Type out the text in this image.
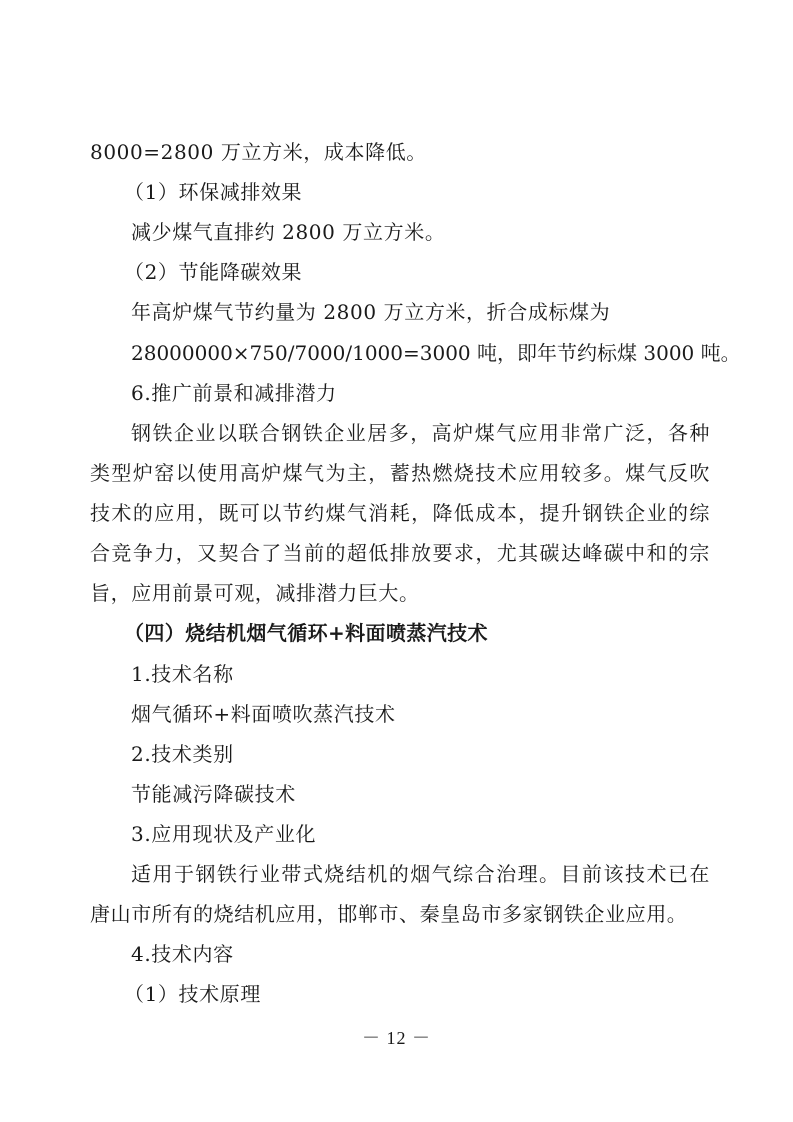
8000=2800 万立方米，成本降低。
（1）环保减排效果
减少煤气直排约 2800 万立方米。
（2）节能降碳效果
年高炉煤气节约量为 2800 万立方米，折合成标煤为
28000000×750/7000/1000=3000 吨，即年节约标煤 3000 吨。
6.推广前景和减排潜力
钢铁企业以联合钢铁企业居多，高炉煤气应用非常广泛，各种
类型炉窑以使用高炉煤气为主，蓄热燃烧技术应用较多。煤气反吹
技术的应用，既可以节约煤气消耗，降低成本，提升钢铁企业的综
合竞争力，又契合了当前的超低排放要求，尤其碳达峰碳中和的宗
旨，应用前景可观，减排潜力巨大。
（四）烧结机烟气循环+料面喷蒸汽技术
1.技术名称
烟气循环+料面喷吹蒸汽技术
2.技术类别
节能减污降碳技术
3.应用现状及产业化
适用于钢铁行业带式烧结机的烟气综合治理。目前该技术已在
唐山市所有的烧结机应用，邯郸市、秦皇岛市多家钢铁企业应用。
4.技术内容
（1）技术原理
－ 12 －
